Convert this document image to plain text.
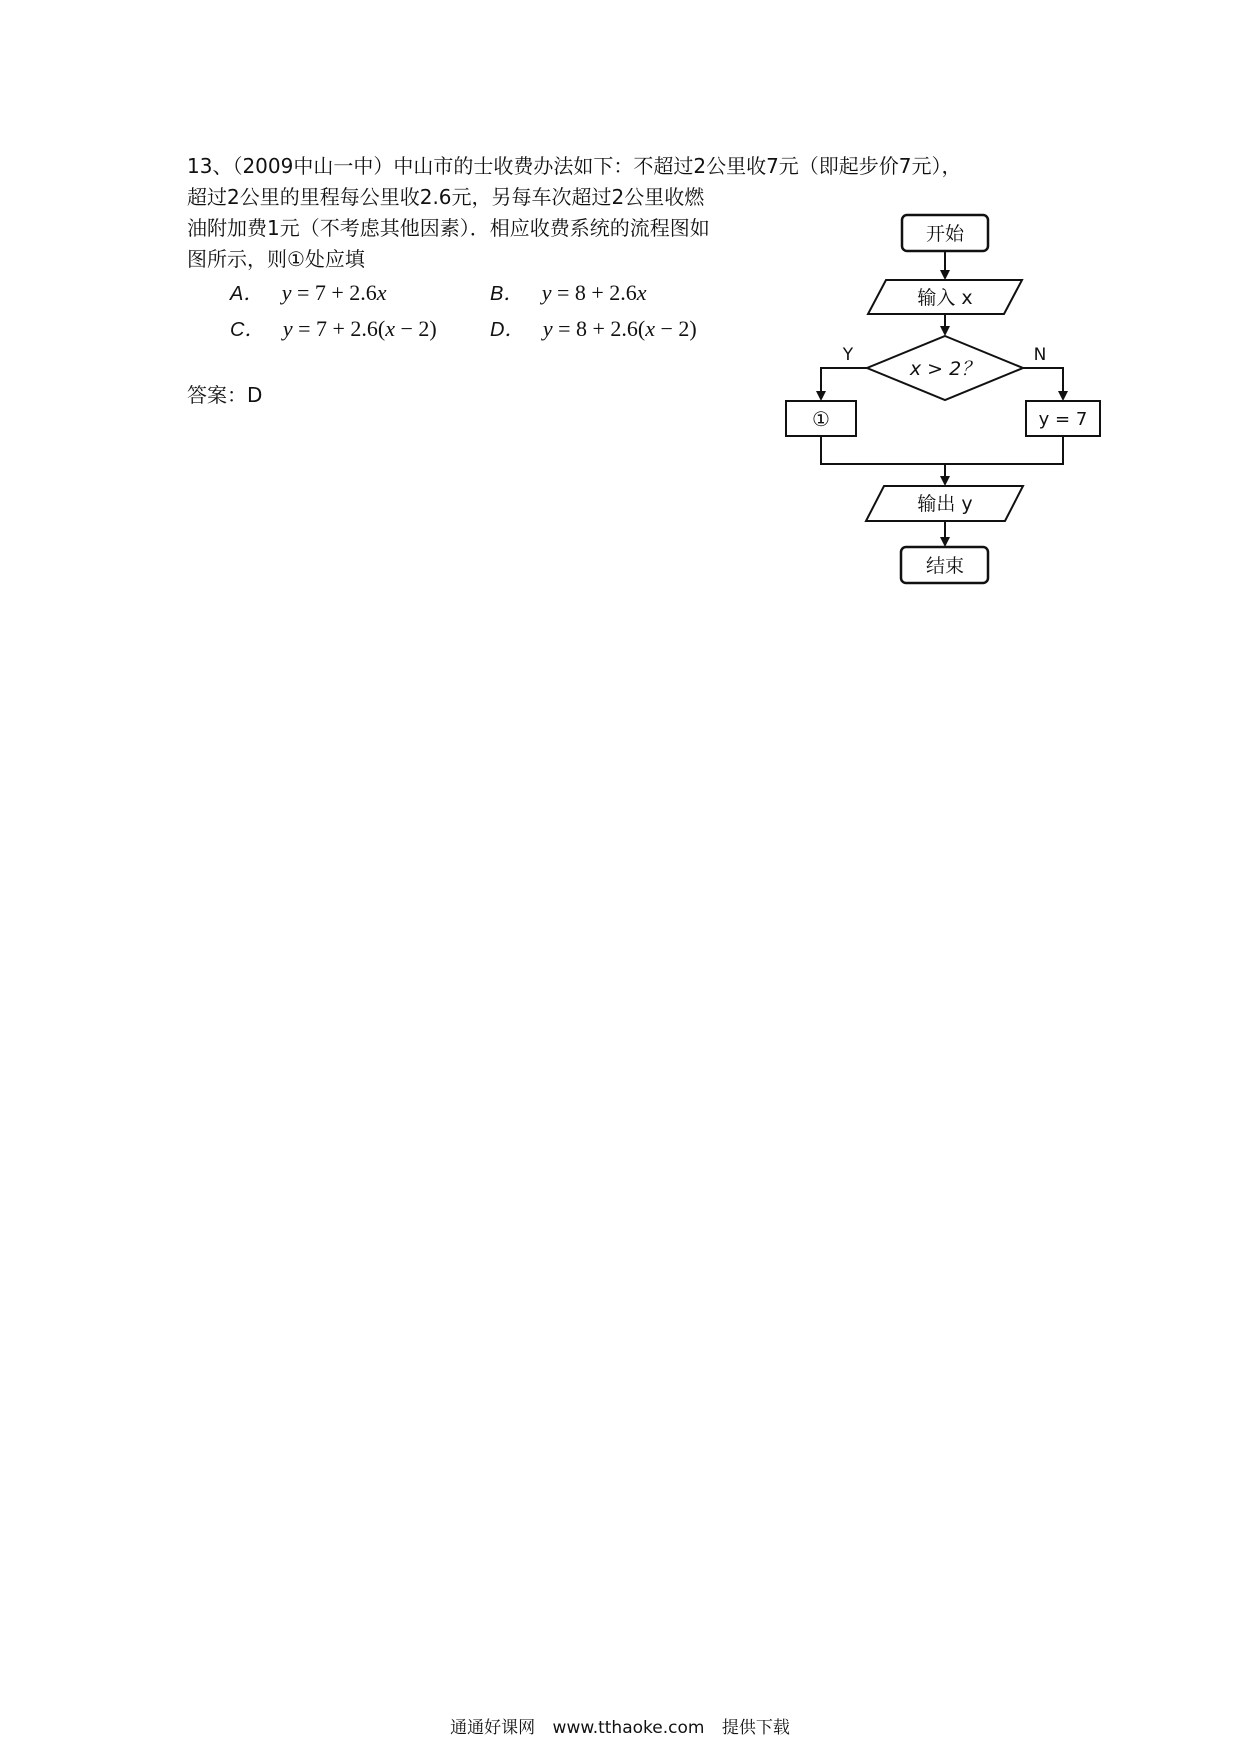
13、（2009中山一中）中山市的士收费办法如下：不超过2公里收7元（即起步价7元），
超过2公里的里程每公里收2.6元，另每车次超过2公里收燃
油附加费1元（不考虑其他因素）．相应收费系统的流程图如
图所示，则①处应填
A． y = 7 + 2.6x	B． y = 8 + 2.6x
C． y = 7 + 2.6(x − 2)	D． y = 8 + 2.6(x − 2)
答案：D
开始
输入 x
x > 2？
Y	N
①	y = 7
输出 y
结束
通通好课网 www.tthaoke.com 提供下载
